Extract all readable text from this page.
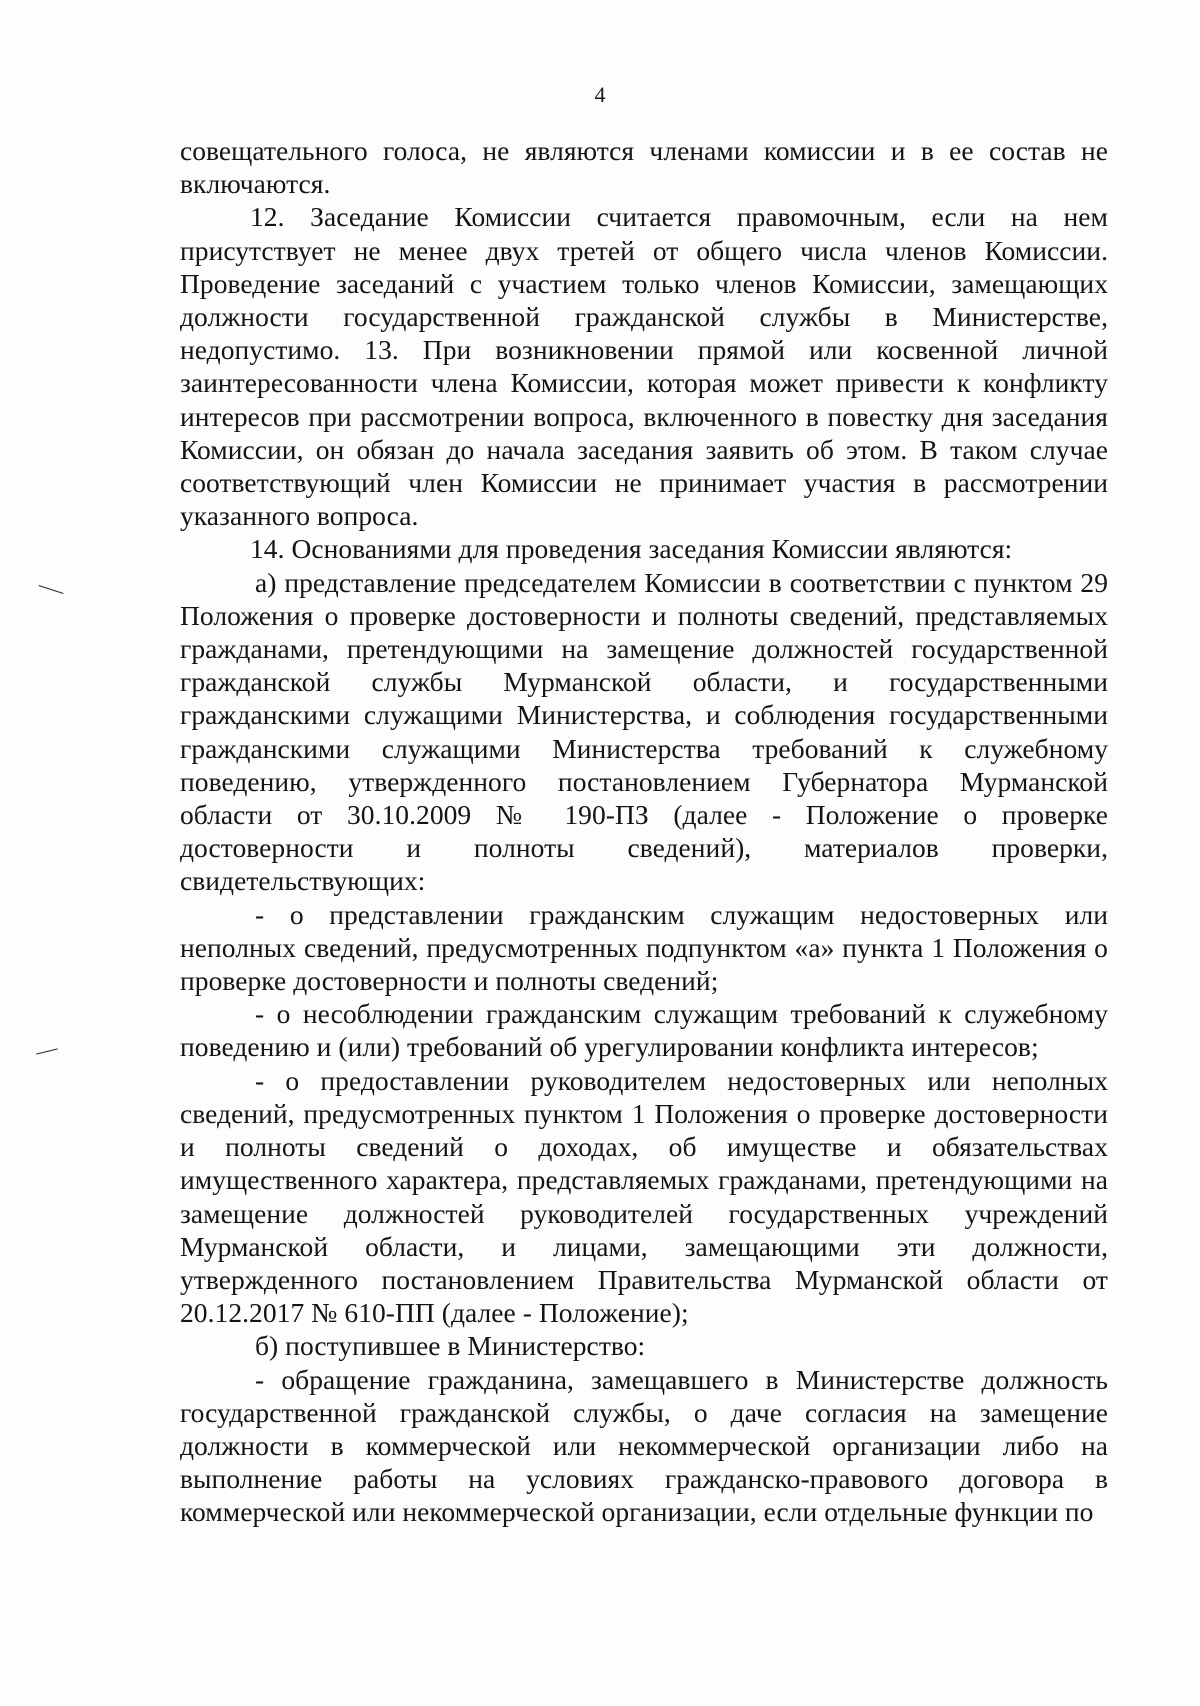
4

совещательного голоса, не являются членами комиссии и в ее состав не включаются.

12. Заседание Комиссии считается правомочным, если на нем присутствует не менее двух третей от общего числа членов Комиссии. Проведение заседаний с участием только членов Комиссии, замещающих должности государственной гражданской службы в Министерстве, недопустимо. 13. При возникновении прямой или косвенной личной заинтересованности члена Комиссии, которая может привести к конфликту интересов при рассмотрении вопроса, включенного в повестку дня заседания Комиссии, он обязан до начала заседания заявить об этом. В таком случае соответствующий член Комиссии не принимает участия в рассмотрении указанного вопроса.

14. Основаниями для проведения заседания Комиссии являются:

а) представление председателем Комиссии в соответствии с пунктом 29 Положения о проверке достоверности и полноты сведений, представляемых гражданами, претендующими на замещение должностей государственной гражданской службы Мурманской области, и государственными гражданскими служащими Министерства, и соблюдения государственными гражданскими служащими Министерства требований к служебному поведению, утвержденного постановлением Губернатора Мурманской области от 30.10.2009 № 190-ПЗ (далее - Положение о проверке достоверности и полноты сведений), материалов проверки, свидетельствующих:

- о представлении гражданским служащим недостоверных или неполных сведений, предусмотренных подпунктом «а» пункта 1 Положения о проверке достоверности и полноты сведений;

- о несоблюдении гражданским служащим требований к служебному поведению и (или) требований об урегулировании конфликта интересов;

- о предоставлении руководителем недостоверных или неполных сведений, предусмотренных пунктом 1 Положения о проверке достоверности и полноты сведений о доходах, об имуществе и обязательствах имущественного характера, представляемых гражданами, претендующими на замещение должностей руководителей государственных учреждений Мурманской области, и лицами, замещающими эти должности, утвержденного постановлением Правительства Мурманской области от 20.12.2017 № 610-ПП (далее - Положение);

б) поступившее в Министерство:

- обращение гражданина, замещавшего в Министерстве должность государственной гражданской службы, о даче согласия на замещение должности в коммерческой или некоммерческой организации либо на выполнение работы на условиях гражданско-правового договора в коммерческой или некоммерческой организации, если отдельные функции по
